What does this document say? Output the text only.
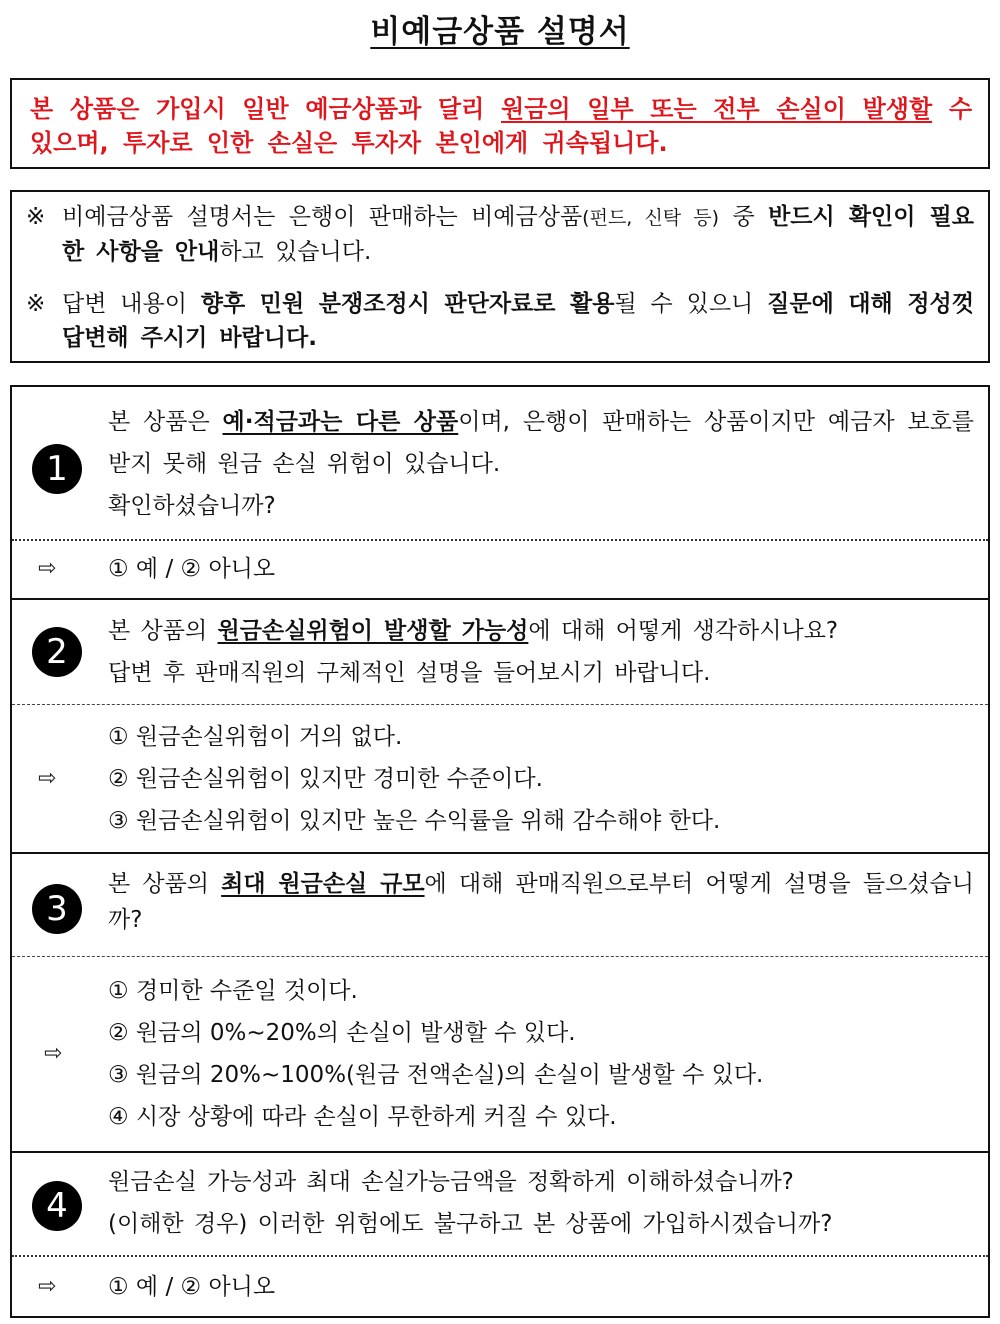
비예금상품 설명서

본 상품은 가입시 일반 예금상품과 달리 원금의 일부 또는 전부 손실이 발생할 수 있으며, 투자로 인한 손실은 투자자 본인에게 귀속됩니다.

※ 비예금상품 설명서는 은행이 판매하는 비예금상품(펀드, 신탁 등) 중 반드시 확인이 필요한 사항을 안내하고 있습니다.
※ 답변 내용이 향후 민원 분쟁조정시 판단자료로 활용될 수 있으니 질문에 대해 정성껏 답변해 주시기 바랍니다.
1
본 상품은 예·적금과는 다른 상품이며, 은행이 판매하는 상품이지만 예금자 보호를 받지 못해 원금 손실 위험이 있습니다.
확인하셨습니까?
⇨ ① 예 / ② 아니오
2
본 상품의 원금손실위험이 발생할 가능성에 대해 어떻게 생각하시나요?
답변 후 판매직원의 구체적인 설명을 들어보시기 바랍니다.
⇨
① 원금손실위험이 거의 없다.
② 원금손실위험이 있지만 경미한 수준이다.
③ 원금손실위험이 있지만 높은 수익률을 위해 감수해야 한다.
3
본 상품의 최대 원금손실 규모에 대해 판매직원으로부터 어떻게 설명을 들으셨습니까?
⇨
① 경미한 수준일 것이다.
② 원금의 0%~20%의 손실이 발생할 수 있다.
③ 원금의 20%~100%(원금 전액손실)의 손실이 발생할 수 있다.
④ 시장 상황에 따라 손실이 무한하게 커질 수 있다.
4
원금손실 가능성과 최대 손실가능금액을 정확하게 이해하셨습니까?
(이해한 경우) 이러한 위험에도 불구하고 본 상품에 가입하시겠습니까?
⇨ ① 예 / ② 아니오
